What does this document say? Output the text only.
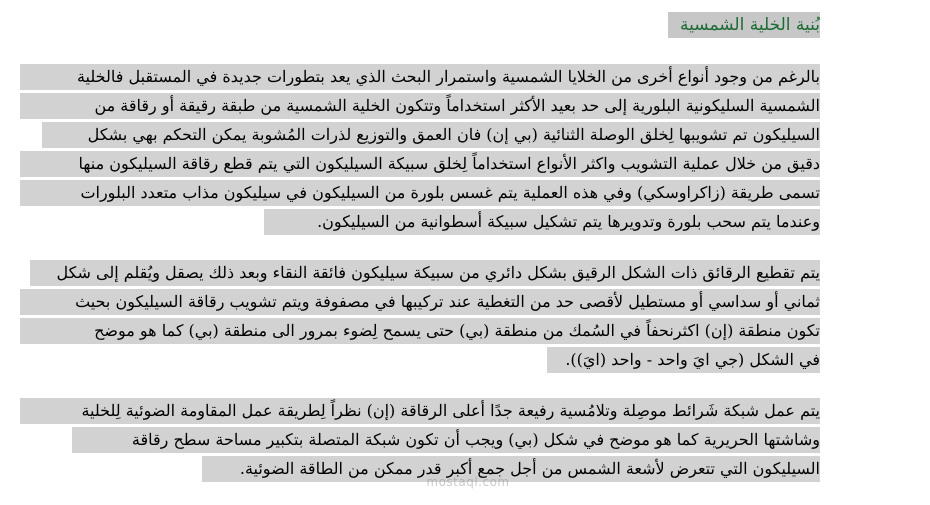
بُنية الخلية الشمسية
بالرغم من وجود أنواع أخرى من الخلايا الشمسية واستمرار البحث الذي يعد بتطورات جديدة في المستقبل فالخلية
الشمسية السليكونية البلورية إلى حد بعيد الأكثر استخداماً وتتكون الخلية الشمسية من طبقة رقيقة أو رقاقة من
السيليكون تم تشويبها لِخلق الوصلة الثنائية (بي إن) فان العمق والتوزيع لذرات المُشوبة يمكن التحكم بهي بشكل
دقيق من خلال عملية التشويب واكثر الأنواع استخداماً لِخلق سبيكة السيليكون التي يتم قطع رقاقة السيليكون منها
تسمى طريقة (زاكراوسكي) وفي هذه العملية يتم غسس بلورة من السيليكون في سيليكون مذاب متعدد البلورات
وعندما يتم سحب بلورة وتدويرها يتم تشكيل سبيكة أسطوانية من السيليكون.
يتم تقطيع الرقائق ذات الشكل الرقيق بشكل دائري من سبيكة سيليكون فائقة النقاء وبعد ذلك يصقل ويُقلم إلى شكل
ثماني أو سداسي أو مستطيل لأقصى حد من التغطية عند تركيبها في مصفوفة ويتم تشويب رقاقة السيليكون بحيث
تكون منطقة (إن) اكثرنحفاً في السُمك من منطقة (بي) حتى يسمح لِضوء بمرور الى منطقة (بي) كما هو موضح
في الشكل (جي ايَ واحد - واحد (ايَ)).
يتم عمل شبكة شَرائط موصِلة وتلامُسية رفيعة جدًا أعلى الرقاقة (إن) نظراً لِطريقة عمل المقاومة الضوئية لِلخلية
وشاشتها الحريرية كما هو موضح في شكل (بي) ويجب أن تكون شبكة المتصلة بتكبير مساحة سطح رقاقة
السيليكون التي تتعرض لأشعة الشمس من أجل جمع أكبر قدر ممكن من الطاقة الضوئية.
mostaql.com
